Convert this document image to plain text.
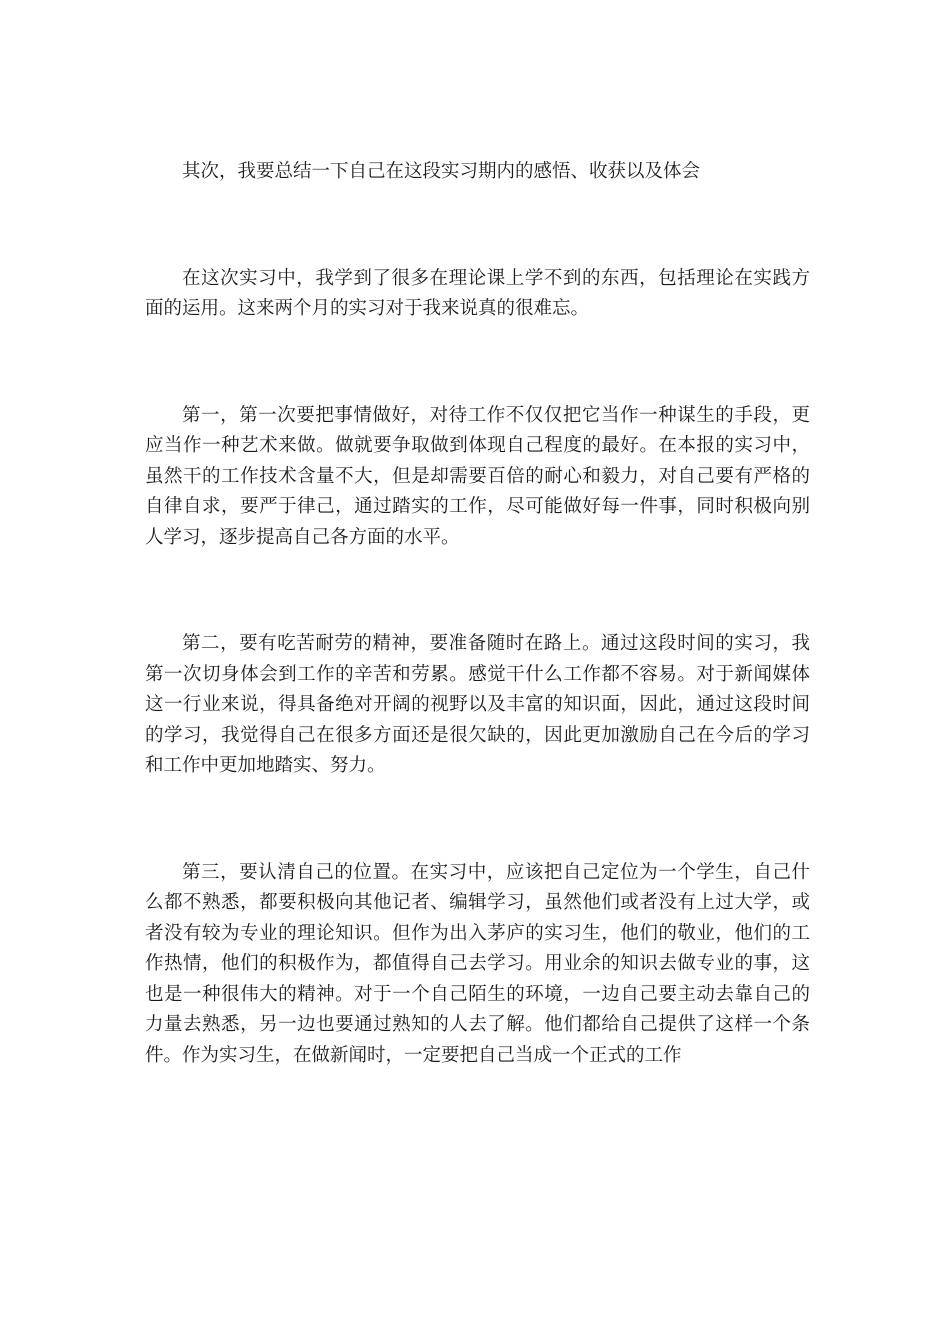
其次，我要总结一下自己在这段实习期内的感悟、收获以及体会

在这次实习中，我学到了很多在理论课上学不到的东西，包括理论在实践方面的运用。这来两个月的实习对于我来说真的很难忘。

第一，第一次要把事情做好，对待工作不仅仅把它当作一种谋生的手段，更应当作一种艺术来做。做就要争取做到体现自己程度的最好。在本报的实习中，虽然干的工作技术含量不大，但是却需要百倍的耐心和毅力，对自己要有严格的自律自求，要严于律己，通过踏实的工作，尽可能做好每一件事，同时积极向别人学习，逐步提高自己各方面的水平。

第二，要有吃苦耐劳的精神，要准备随时在路上。通过这段时间的实习，我第一次切身体会到工作的辛苦和劳累。感觉干什么工作都不容易。对于新闻媒体这一行业来说，得具备绝对开阔的视野以及丰富的知识面，因此，通过这段时间的学习，我觉得自己在很多方面还是很欠缺的，因此更加激励自己在今后的学习和工作中更加地踏实、努力。

第三，要认清自己的位置。在实习中，应该把自己定位为一个学生，自己什么都不熟悉，都要积极向其他记者、编辑学习，虽然他们或者没有上过大学，或者没有较为专业的理论知识。但作为出入茅庐的实习生，他们的敬业，他们的工作热情，他们的积极作为，都值得自己去学习。用业余的知识去做专业的事，这也是一种很伟大的精神。对于一个自己陌生的环境，一边自己要主动去靠自己的力量去熟悉，另一边也要通过熟知的人去了解。他们都给自己提供了这样一个条件。作为实习生，在做新闻时，一定要把自己当成一个正式的工作
